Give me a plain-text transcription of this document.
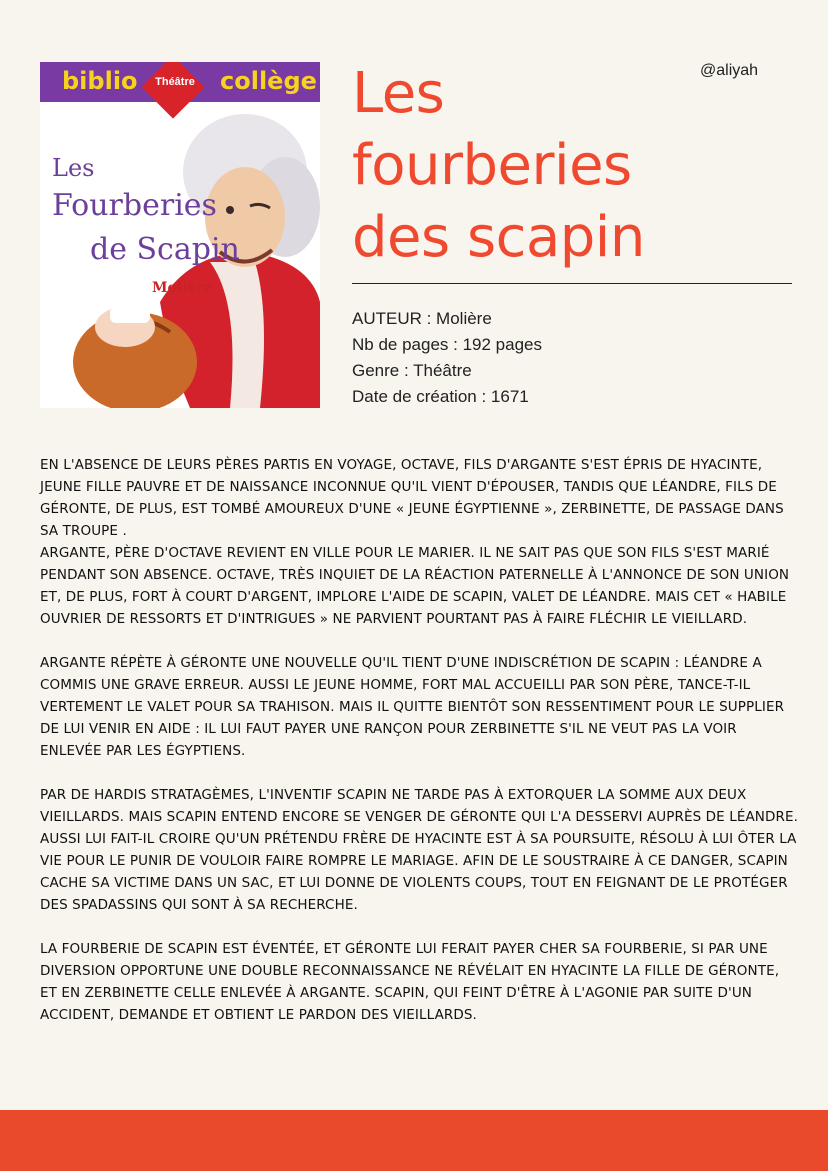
biblio	Théâtre	collège
Les
Fourberies
de Scapin
Molière
@aliyah
Les
fourberies
des scapin
AUTEUR : Molière
Nb de pages : 192 pages
Genre : Théâtre
Date de création : 1671

EN L'ABSENCE DE LEURS PÈRES PARTIS EN VOYAGE, OCTAVE, FILS D'ARGANTE S'EST ÉPRIS DE HYACINTE, JEUNE FILLE PAUVRE ET DE NAISSANCE INCONNUE QU'IL VIENT D'ÉPOUSER, TANDIS QUE LÉANDRE, FILS DE GÉRONTE, DE PLUS, EST TOMBÉ AMOUREUX D'UNE « JEUNE ÉGYPTIENNE », ZERBINETTE, DE PASSAGE DANS SA TROUPE .
ARGANTE, PÈRE D'OCTAVE REVIENT EN VILLE POUR LE MARIER. IL NE SAIT PAS QUE SON FILS S'EST MARIÉ PENDANT SON ABSENCE. OCTAVE, TRÈS INQUIET DE LA RÉACTION PATERNELLE À L'ANNONCE DE SON UNION ET, DE PLUS, FORT À COURT D'ARGENT, IMPLORE L'AIDE DE SCAPIN, VALET DE LÉANDRE. MAIS CET « HABILE OUVRIER DE RESSORTS ET D'INTRIGUES » NE PARVIENT POURTANT PAS À FAIRE FLÉCHIR LE VIEILLARD.

ARGANTE RÉPÈTE À GÉRONTE UNE NOUVELLE QU'IL TIENT D'UNE INDISCRÉTION DE SCAPIN : LÉANDRE A COMMIS UNE GRAVE ERREUR. AUSSI LE JEUNE HOMME, FORT MAL ACCUEILLI PAR SON PÈRE, TANCE-T-IL VERTEMENT LE VALET POUR SA TRAHISON. MAIS IL QUITTE BIENTÔT SON RESSENTIMENT POUR LE SUPPLIER DE LUI VENIR EN AIDE : IL LUI FAUT PAYER UNE RANÇON POUR ZERBINETTE S'IL NE VEUT PAS LA VOIR ENLEVÉE PAR LES ÉGYPTIENS.

PAR DE HARDIS STRATAGÈMES, L'INVENTIF SCAPIN NE TARDE PAS À EXTORQUER LA SOMME AUX DEUX VIEILLARDS. MAIS SCAPIN ENTEND ENCORE SE VENGER DE GÉRONTE QUI L'A DESSERVI AUPRÈS DE LÉANDRE. AUSSI LUI FAIT-IL CROIRE QU'UN PRÉTENDU FRÈRE DE HYACINTE EST À SA POURSUITE, RÉSOLU À LUI ÔTER LA VIE POUR LE PUNIR DE VOULOIR FAIRE ROMPRE LE MARIAGE. AFIN DE LE SOUSTRAIRE À CE DANGER, SCAPIN CACHE SA VICTIME DANS UN SAC, ET LUI DONNE DE VIOLENTS COUPS, TOUT EN FEIGNANT DE LE PROTÉGER DES SPADASSINS QUI SONT À SA RECHERCHE.

LA FOURBERIE DE SCAPIN EST ÉVENTÉE, ET GÉRONTE LUI FERAIT PAYER CHER SA FOURBERIE, SI PAR UNE DIVERSION OPPORTUNE UNE DOUBLE RECONNAISSANCE NE RÉVÉLAIT EN HYACINTE LA FILLE DE GÉRONTE, ET EN ZERBINETTE CELLE ENLEVÉE À ARGANTE. SCAPIN, QUI FEINT D'ÊTRE À L'AGONIE PAR SUITE D'UN ACCIDENT, DEMANDE ET OBTIENT LE PARDON DES VIEILLARDS.
